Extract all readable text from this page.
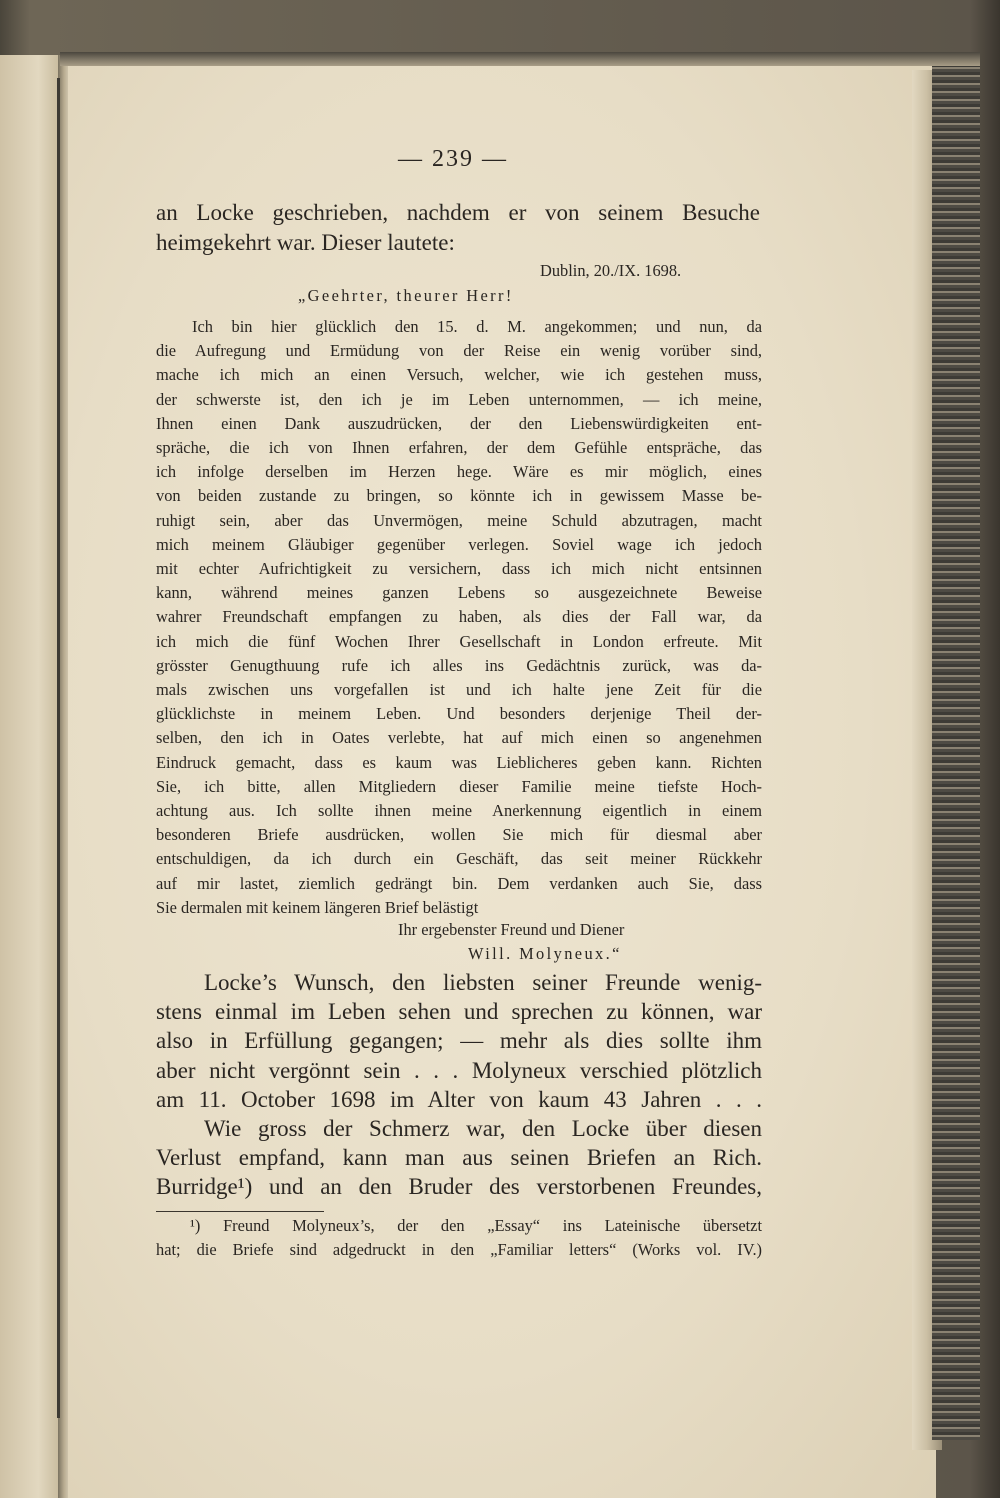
— 239 —
an Locke geschrieben, nachdem er von seinem Besuche
heimgekehrt war. Dieser lautete:
Dublin, 20./IX. 1698.
„Geehrter, theurer Herr!
Ich bin hier glücklich den 15. d. M. angekommen; und nun, da
die Aufregung und Ermüdung von der Reise ein wenig vorüber sind,
mache ich mich an einen Versuch, welcher, wie ich gestehen muss,
der schwerste ist, den ich je im Leben unternommen, — ich meine,
Ihnen einen Dank auszudrücken, der den Liebenswürdigkeiten ent-
spräche, die ich von Ihnen erfahren, der dem Gefühle entspräche, das
ich infolge derselben im Herzen hege. Wäre es mir möglich, eines
von beiden zustande zu bringen, so könnte ich in gewissem Masse be-
ruhigt sein, aber das Unvermögen, meine Schuld abzutragen, macht
mich meinem Gläubiger gegenüber verlegen. Soviel wage ich jedoch
mit echter Aufrichtigkeit zu versichern, dass ich mich nicht entsinnen
kann, während meines ganzen Lebens so ausgezeichnete Beweise
wahrer Freundschaft empfangen zu haben, als dies der Fall war, da
ich mich die fünf Wochen Ihrer Gesellschaft in London erfreute. Mit
grösster Genugthuung rufe ich alles ins Gedächtnis zurück, was da-
mals zwischen uns vorgefallen ist und ich halte jene Zeit für die
glücklichste in meinem Leben. Und besonders derjenige Theil der-
selben, den ich in Oates verlebte, hat auf mich einen so angenehmen
Eindruck gemacht, dass es kaum was Lieblicheres geben kann. Richten
Sie, ich bitte, allen Mitgliedern dieser Familie meine tiefste Hoch-
achtung aus. Ich sollte ihnen meine Anerkennung eigentlich in einem
besonderen Briefe ausdrücken, wollen Sie mich für diesmal aber
entschuldigen, da ich durch ein Geschäft, das seit meiner Rückkehr
auf mir lastet, ziemlich gedrängt bin. Dem verdanken auch Sie, dass
Sie dermalen mit keinem längeren Brief belästigt
Ihr ergebenster Freund und Diener
Will. Molyneux.“
Locke’s Wunsch, den liebsten seiner Freunde wenig-
stens einmal im Leben sehen und sprechen zu können, war
also in Erfüllung gegangen; — mehr als dies sollte ihm
aber nicht vergönnt sein . . . Molyneux verschied plötzlich
am 11. October 1698 im Alter von kaum 43 Jahren . . .
Wie gross der Schmerz war, den Locke über diesen
Verlust empfand, kann man aus seinen Briefen an Rich.
Burridge¹) und an den Bruder des verstorbenen Freundes,
¹) Freund Molyneux’s, der den „Essay“ ins Lateinische übersetzt
hat; die Briefe sind adgedruckt in den „Familiar letters“ (Works vol. IV.)
